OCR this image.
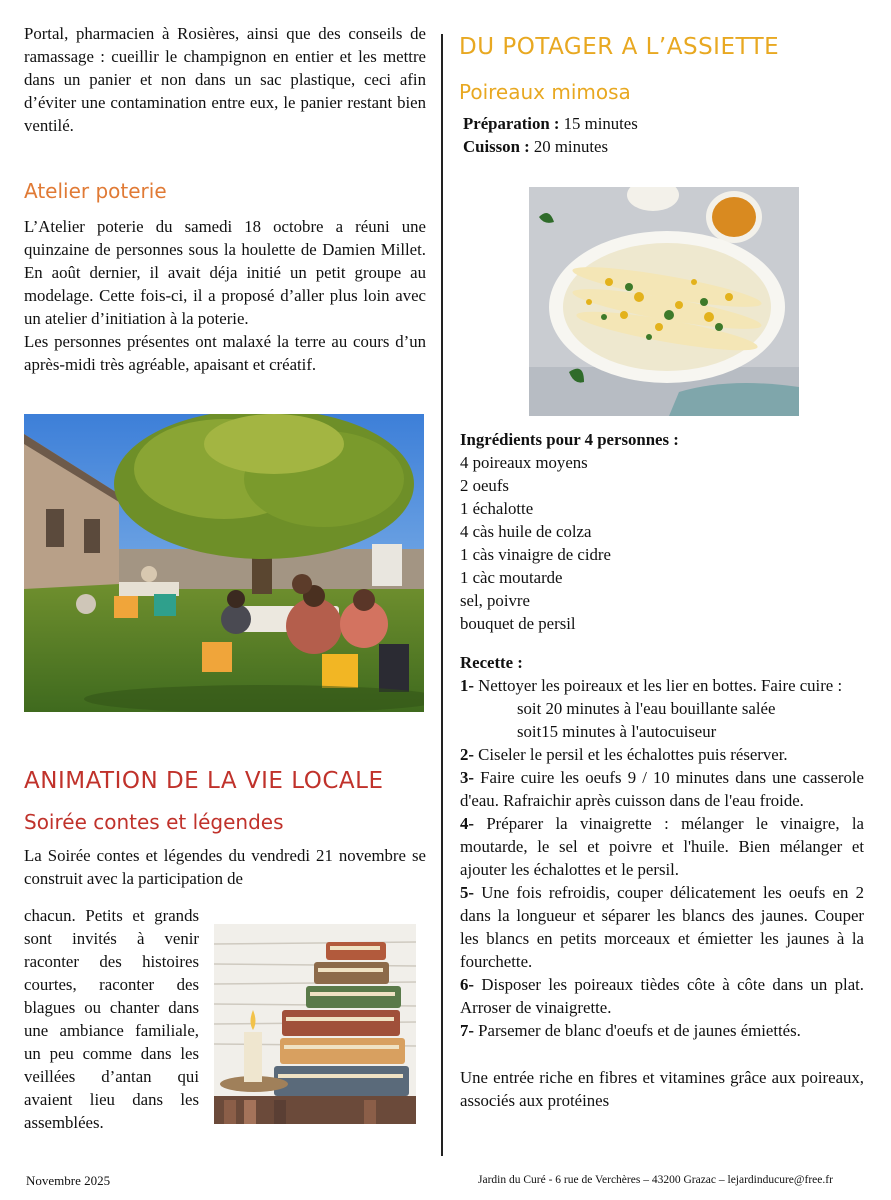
Portal, pharmacien à Rosières, ainsi que des conseils de ramassage : cueillir le champignon en entier et les mettre dans un panier et non dans un sac plastique, ceci afin d’éviter une contamination entre eux, le panier restant bien ventilé.

Atelier poterie

L’Atelier poterie du samedi 18 octobre a réuni une quinzaine de personnes sous la houlette de Damien Millet. En août dernier, il avait déja initié un petit groupe au modelage. Cette fois-ci, il a proposé d’aller plus loin avec un atelier d’initiation à la poterie.

Les personnes présentes ont malaxé la terre au cours d’un après-midi très agréable, apaisant et créatif.

ANIMATION DE LA VIE LOCALE
Soirée contes et légendes

La Soirée contes et légendes du vendredi 21 novembre se construit avec la participation de

chacun. Petits et grands sont invités à venir raconter des histoires courtes, raconter des blagues ou chanter dans une ambiance familiale, un peu comme dans les veillées d’antan qui avaient lieu dans les assemblées.

DU POTAGER A L’ASSIETTE
Poireaux mimosa
Préparation : 15 minutes
Cuisson : 20 minutes
Ingrédients pour 4 personnes :
4 poireaux moyens
2 oeufs
1 échalotte
4 càs huile de colza
1 càs vinaigre de cidre
1 càc moutarde
sel, poivre
bouquet de persil
Recette :

1- Nettoyer les poireaux et les lier en bottes. Faire cuire :

soit 20 minutes à l'eau bouillante salée
soit15 minutes à l'autocuiseur

2- Ciseler le persil et les échalottes puis réserver.

3- Faire cuire les oeufs 9 / 10 minutes dans une casserole d'eau. Rafraichir après cuisson dans de l'eau froide.

4- Préparer la vinaigrette : mélanger le vinaigre, la moutarde, le sel et poivre et l'huile. Bien mélanger et ajouter les échalottes et le persil.

5- Une fois refroidis, couper délicatement les oeufs en 2 dans la longueur et séparer les blancs des jaunes. Couper les blancs en petits morceaux et émietter les jaunes à la fourchette.

6- Disposer les poireaux tièdes côte à côte dans un plat. Arroser de vinaigrette.

7- Parsemer de blanc d'oeufs et de jaunes émiettés.

Une entrée riche en fibres et vitamines grâce aux poireaux, associés aux protéines

Novembre 2025	Jardin du Curé - 6 rue de Verchères – 43200 Grazac – lejardinducure@free.fr
